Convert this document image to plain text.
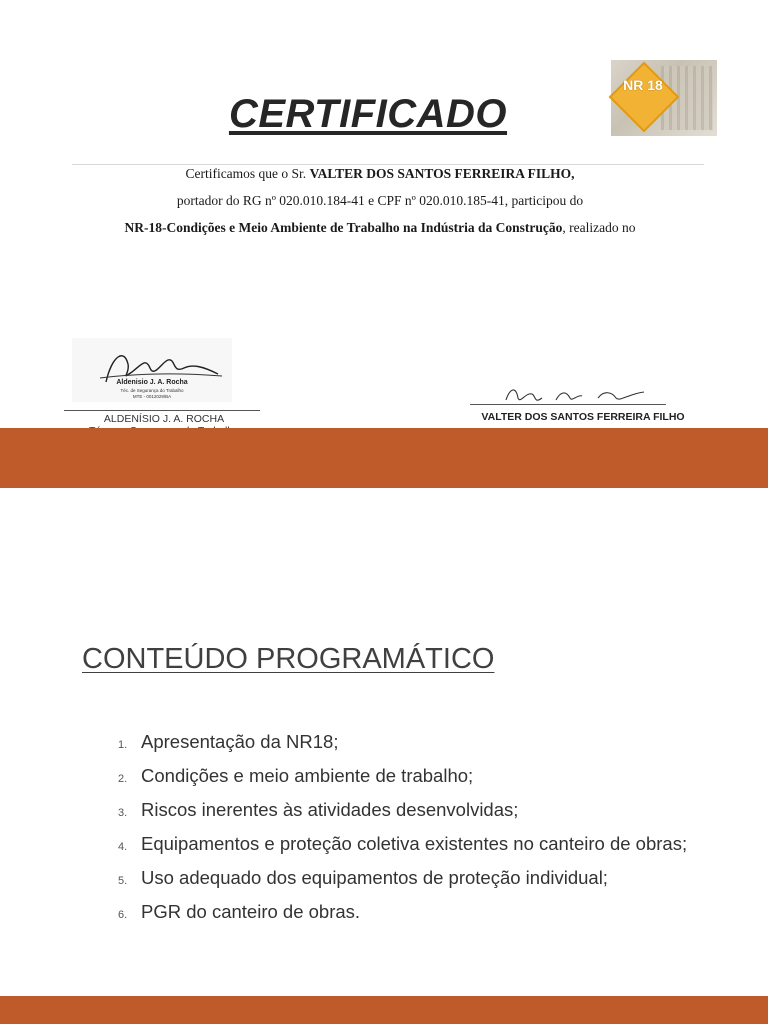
CERTIFICADO
NR 18
Certificamos que o Sr. VALTER DOS SANTOS FERREIRA FILHO,
portador do RG nº 020.010.184-41 e CPF nº 020.010.185-41, participou do
NR-18-Condições e Meio Ambiente de Trabalho na Indústria da Construção, realizado no
Aldenisio J. A. Rocha
Téc. de Segurança do Trabalho
MTE - 0012029/BA
ALDENÍSIO J. A. ROCHA	VALTER DOS SANTOS FERREIRA FILHO
CONTEÚDO PROGRAMÁTICO
1. Apresentação da NR18;
2. Condições e meio ambiente de trabalho;
3. Riscos inerentes às atividades desenvolvidas;
4. Equipamentos e proteção coletiva existentes no canteiro de obras;
5. Uso adequado dos equipamentos de proteção individual;
6. PGR do canteiro de obras.
